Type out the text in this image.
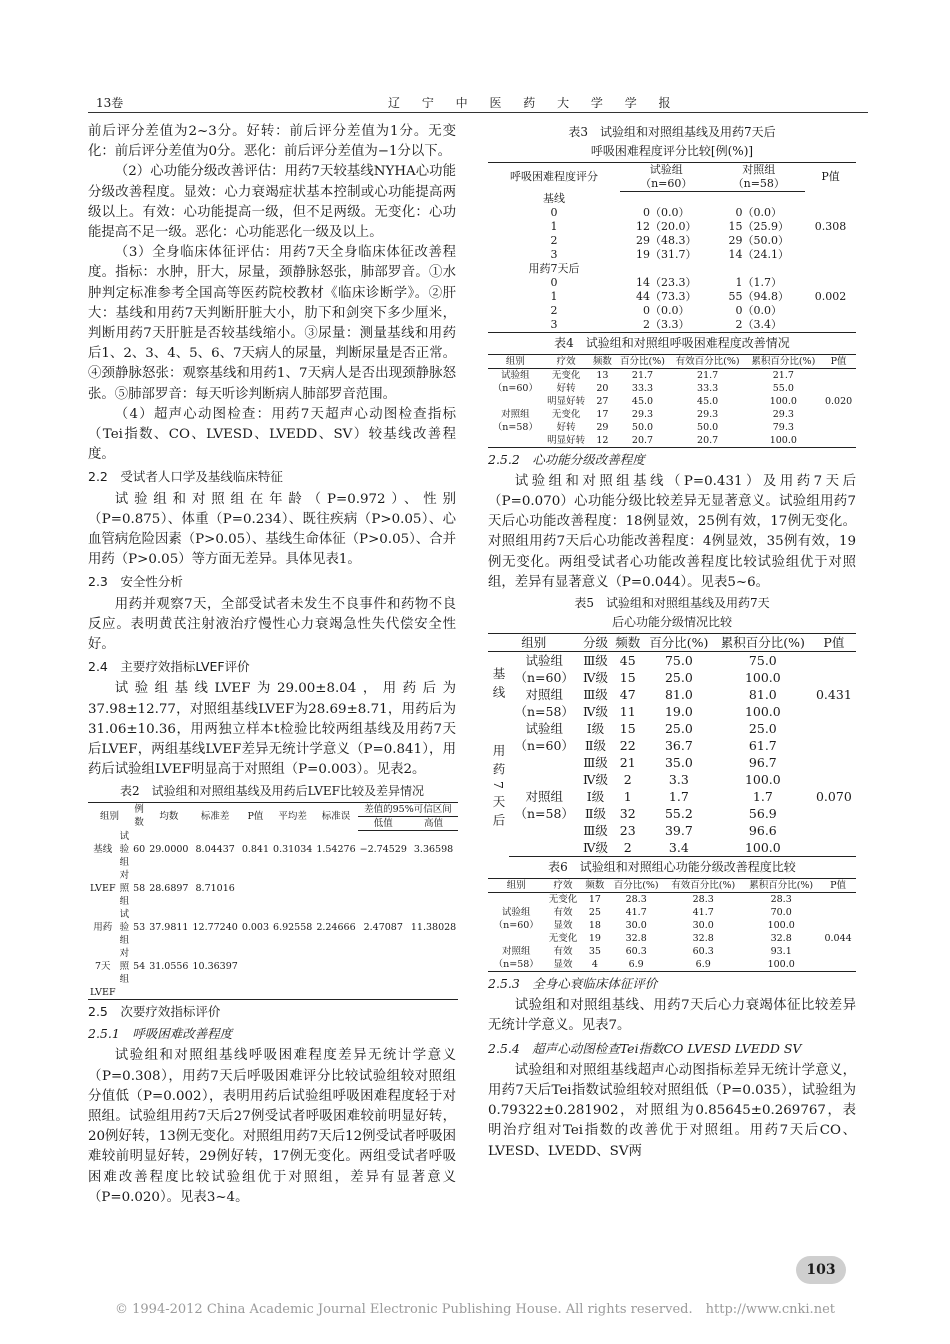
13卷	辽 宁 中 医 药 大 学 学 报

前后评分差值为2~3分。好转：前后评分差值为1分。无变化：前后评分差值为0分。恶化：前后评分差值为−1分以下。

（2）心功能分级改善评估：用药7天较基线NYHA心功能分级改善程度。显效：心力衰竭症状基本控制或心功能提高两级以上。有效：心功能提高一级，但不足两级。无变化：心功能提高不足一级。恶化：心功能恶化一级及以上。

（3）全身临床体征评估：用药7天全身临床体征改善程度。指标：水肿，肝大，尿量，颈静脉怒张，肺部罗音。①水肿判定标准参考全国高等医药院校教材《临床诊断学》。②肝大：基线和用药7天判断肝脏大小，肋下和剑突下多少厘米，判断用药7天肝脏是否较基线缩小。③尿量：测量基线和用药后1、2、3、4、5、6、7天病人的尿量，判断尿量是否正常。④颈静脉怒张：观察基线和用药1、7天病人是否出现颈静脉怒张。⑤肺部罗音：每天听诊判断病人肺部罗音范围。

（4）超声心动图检查：用药7天超声心动图检查指标（Tei指数、CO、LVESD、LVEDD、SV）较基线改善程度。

2.2　受试者人口学及基线临床特征

试验组和对照组在年龄（P=0.972）、性别（P=0.875）、体重（P=0.234）、既往疾病（P>0.05）、心血管病危险因素（P>0.05）、基线生命体征（P>0.05）、合并用药（P>0.05）等方面无差异。具体见表1。

2.3　安全性分析

用药并观察7天，全部受试者未发生不良事件和药物不良反应。表明黄芪注射液治疗慢性心力衰竭急性失代偿安全性好。

2.4　主要疗效指标LVEF评价

试验组基线LVEF为29.00±8.04，用药后为37.98±12.77，对照组基线LVEF为28.69±8.71，用药后为31.06±10.36，用两独立样本t检验比较两组基线及用药7天后LVEF，两组基线LVEF差异无统计学意义（P=0.841），用药后试验组LVEF明显高于对照组（P=0.003）。见表2。

表2　试验组和对照组基线及用药后LVEF比较及差异情况
组别		例数	均数	标准差	P值	平均差	标准误	差值的95%可信区间	
								低值	高值
基线	试验组	60	29.0000	8.04437	0.841	0.31034	1.54276	−2.74529	3.36598
LVEF	对照组	58	28.6897	8.71016					
用药	试验组	53	37.9811	12.77240	0.003	6.92558	2.24666	2.47087	11.38028
7天	对照组	54	31.0556	10.36397					
LVEF									
2.5　次要疗效指标评价
2.5.1　呼吸困难改善程度

试验组和对照组基线呼吸困难程度差异无统计学意义（P=0.308），用药7天后呼吸困难评分比较试验组较对照组分值低（P=0.002），表明用药后试验组呼吸困难程度轻于对照组。试验组用药7天后27例受试者呼吸困难较前明显好转，20例好转，13例无变化。对照组用药7天后12例受试者呼吸困难较前明显好转，29例好转，17例无变化。两组受试者呼吸困难改善程度比较试验组优于对照组，差异有显著意义（P=0.020）。见表3~4。

表3　试验组和对照组基线及用药7天后
呼吸困难程度评分比较[例(%)]
呼吸困难程度评分	试验组	对照组	P值
	（n=60）	（n=58）	
基线			
0	0（0.0）	0（0.0）	
1	12（20.0）	15（25.9）	0.308
2	29（48.3）	29（50.0）	
3	19（31.7）	14（24.1）	
用药7天后			
0	14（23.3）	1（1.7）	
1	44（73.3）	55（94.8）	0.002
2	0（0.0）	0（0.0）	
3	2（3.3）	2（3.4）	
表4　试验组和对照组呼吸困难程度改善情况
组别	疗效	频数	百分比(%)	有效百分比(%)	累积百分比(%)	P值
试验组	无变化	13	21.7	21.7	21.7	
（n=60）	好转	20	33.3	33.3	55.0	
	明显好转	27	45.0	45.0	100.0	0.020
对照组	无变化	17	29.3	29.3	29.3	
（n=58）	好转	29	50.0	50.0	79.3	
	明显好转	12	20.7	20.7	100.0	
2.5.2　心功能分级改善程度

试验组和对照组基线（P=0.431）及用药7天后（P=0.070）心功能分级比较差异无显著意义。试验组用药7天后心功能改善程度：18例显效，25例有效，17例无变化。对照组用药7天后心功能改善程度：4例显效，35例有效，19例无变化。两组受试者心功能改善程度比较试验组优于对照组，差异有显著意义（P=0.044）。见表5~6。

表5　试验组和对照组基线及用药7天
后心功能分级情况比较
组别		分级	频数	百分比(%)	累积百分比(%)	P值
基线	试验组	Ⅲ级	45	75.0	75.0	
	（n=60）	Ⅳ级	15	25.0	100.0	
	对照组	Ⅲ级	47	81.0	81.0	0.431
	（n=58）	Ⅳ级	11	19.0	100.0	
用药7天后	试验组	Ⅰ级	15	25.0	25.0	
	（n=60）	Ⅱ级	22	36.7	61.7	
		Ⅲ级	21	35.0	96.7	
		Ⅳ级	2	3.3	100.0	
	对照组	Ⅰ级	1	1.7	1.7	0.070
	（n=58）	Ⅱ级	32	55.2	56.9	
		Ⅲ级	23	39.7	96.6	
		Ⅳ级	2	3.4	100.0	
表6　试验组和对照组心功能分级改善程度比较
组别	疗效	频数	百分比(%)	有效百分比(%)	累积百分比(%)	P值
	无变化	17	28.3	28.3	28.3	
试验组	有效	25	41.7	41.7	70.0	
（n=60）	显效	18	30.0	30.0	100.0	
	无变化	19	32.8	32.8	32.8	0.044
对照组	有效	35	60.3	60.3	93.1	
（n=58）	显效	4	6.9	6.9	100.0	
2.5.3　全身心衰临床体征评价

试验组和对照组基线、用药7天后心力衰竭体征比较差异无统计学意义。见表7。

2.5.4　超声心动图检查Tei指数CO LVESD LVEDD SV

试验组和对照组基线超声心动图指标差异无统计学意义，用药7天后Tei指数试验组较对照组低（P=0.035），试验组为0.79322±0.281902，对照组为0.85645±0.269767，表明治疗组对Tei指数的改善优于对照组。用药7天后CO、LVESD、LVEDD、SV两

103
© 1994-2012 China Academic Journal Electronic Publishing House. All rights reserved.　http://www.cnki.net
